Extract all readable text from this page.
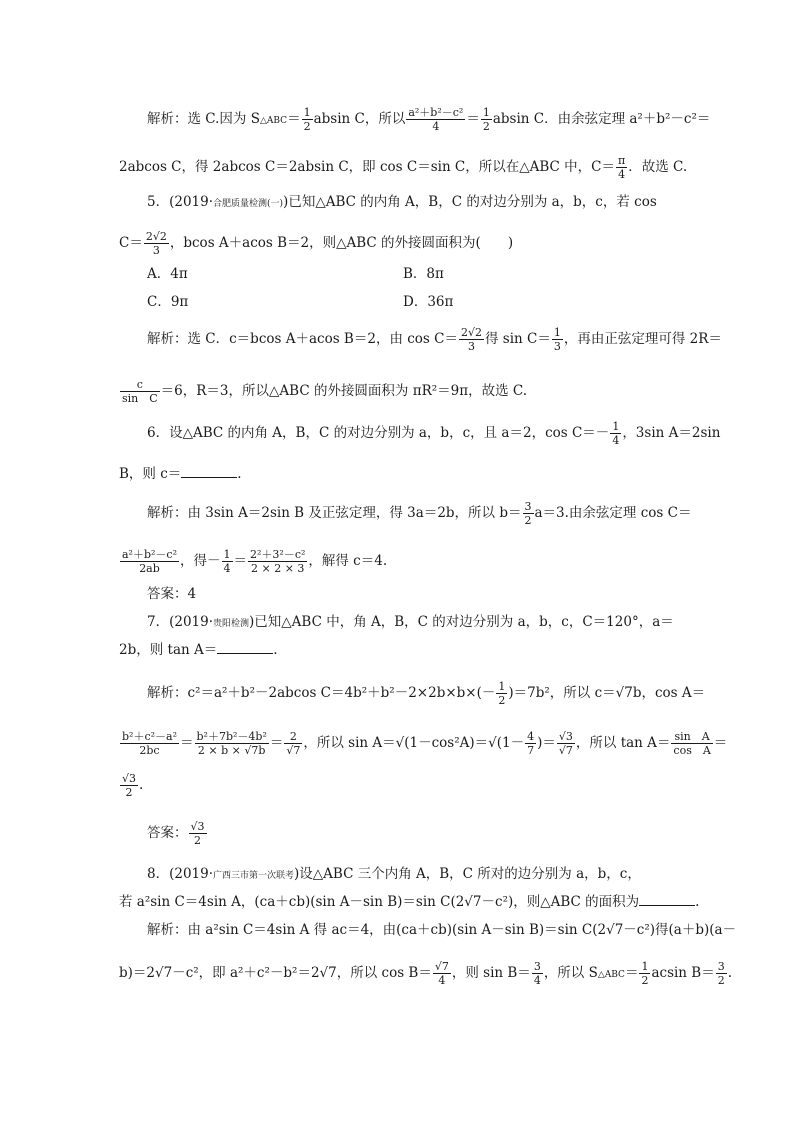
A．4π	B．8π
C．9π	D．36π
解析：选 C.因为 S△ABC＝ $\frac{1}{2}$ absin C，所以 $\frac{\text{a²＋b²－c²}}{4} = \frac{1}{2}$ absin C．由余弦定理 a²＋b²－c²＝
2abcos C，得 2abcos C＝2absin C，即 cos C＝sin C，所以在△ABC 中，$C= \frac{\pi}{4}$ ．故选 C.
5．(2019·合肥质量检测(一))已知△ABC 的内角 A，B，C 的对边分别为 a，b，c，若 cos
$C= \frac{2√2}{3}$ ，bcos A＋acos B＝2，则△ABC 的外接圆面积为(　　)
解析：选 C．c＝bcos A＋acos B＝2，由 $\cos C= \frac{2√2}{3}$ 得 $\sin C= \frac{1}{3}$ ，再由正弦定理可得 2R＝
$\frac{c}{\text{sin　C}} =6$，R＝3，所以△ABC 的外接圆面积为 πR²＝9π，故选 C.
6．设△ABC 的内角 A，B，C 的对边分别为 a，b，c，且 a＝2，$\cos C=- \frac{1}{4}$ ，3sin A＝2sin
B，则 c＝	.
解析：由 3sin A＝2sin B 及正弦定理，得 3a＝2b，所以 $b= \frac{3}{2} a=3$.由余弦定理 cos C＝
$\frac{\text{a²＋b²－c²}}{2ab}$ ，得－ $\frac{1}{4} = \frac{\text{2²＋3²－c²}}{2 \times 2 \times 3}$ ，解得 c＝4.
答案：4
7．(2019·贵阳检测)已知△ABC 中，角 A，B，C 的对边分别为 a，b，c，C＝120°，a＝
2b，则 tan A＝	.
解析：c²＝a²＋b²－2abcos $C=4b^2+b^2-2\times 2b\times b\times(- \frac{1}{2} )=7b^2$，所以 c＝√7b，cos A＝
$\frac{\text{b²＋c²－a²}}{2bc} = \frac{\text{b²＋7b²－4b²}}{2 \times b \times √7b} = \frac{2}{√7}$ ，所以 $\sin A=√(1-\cos^2A)=√(1- \frac{4}{7}$ )＝ $\frac{√3}{√7}$ ，所以 $\tan A= \frac{\text{sin　A}}{\text{cos　A}}$ ＝
$\frac{√3}{2}$ .
答案： $\frac{√3}{2}$
8．(2019·广西三市第一次联考)设△ABC 三个内角 A，B，C 所对的边分别为 a，b，c，
若 a²sin C＝4sin A，(ca＋cb)(sin A－sin B)＝sin C(2√7－c²)，则△ABC 的面积为	.
解析：由 a²sin C＝4sin A 得 ac＝4，由(ca＋cb)(sin A－sin B)＝sin C(2√7－c²)得(a＋b)(a－
b)＝2√7－c²，即 a²＋c²－b²＝2√7，所以 $\cos B= \frac{√7}{4}$ ，则 $\sin B= \frac{3}{4}$ ，所以 S△ABC＝ $\frac{1}{2}$ acsin $B= \frac{3}{2}$ .
